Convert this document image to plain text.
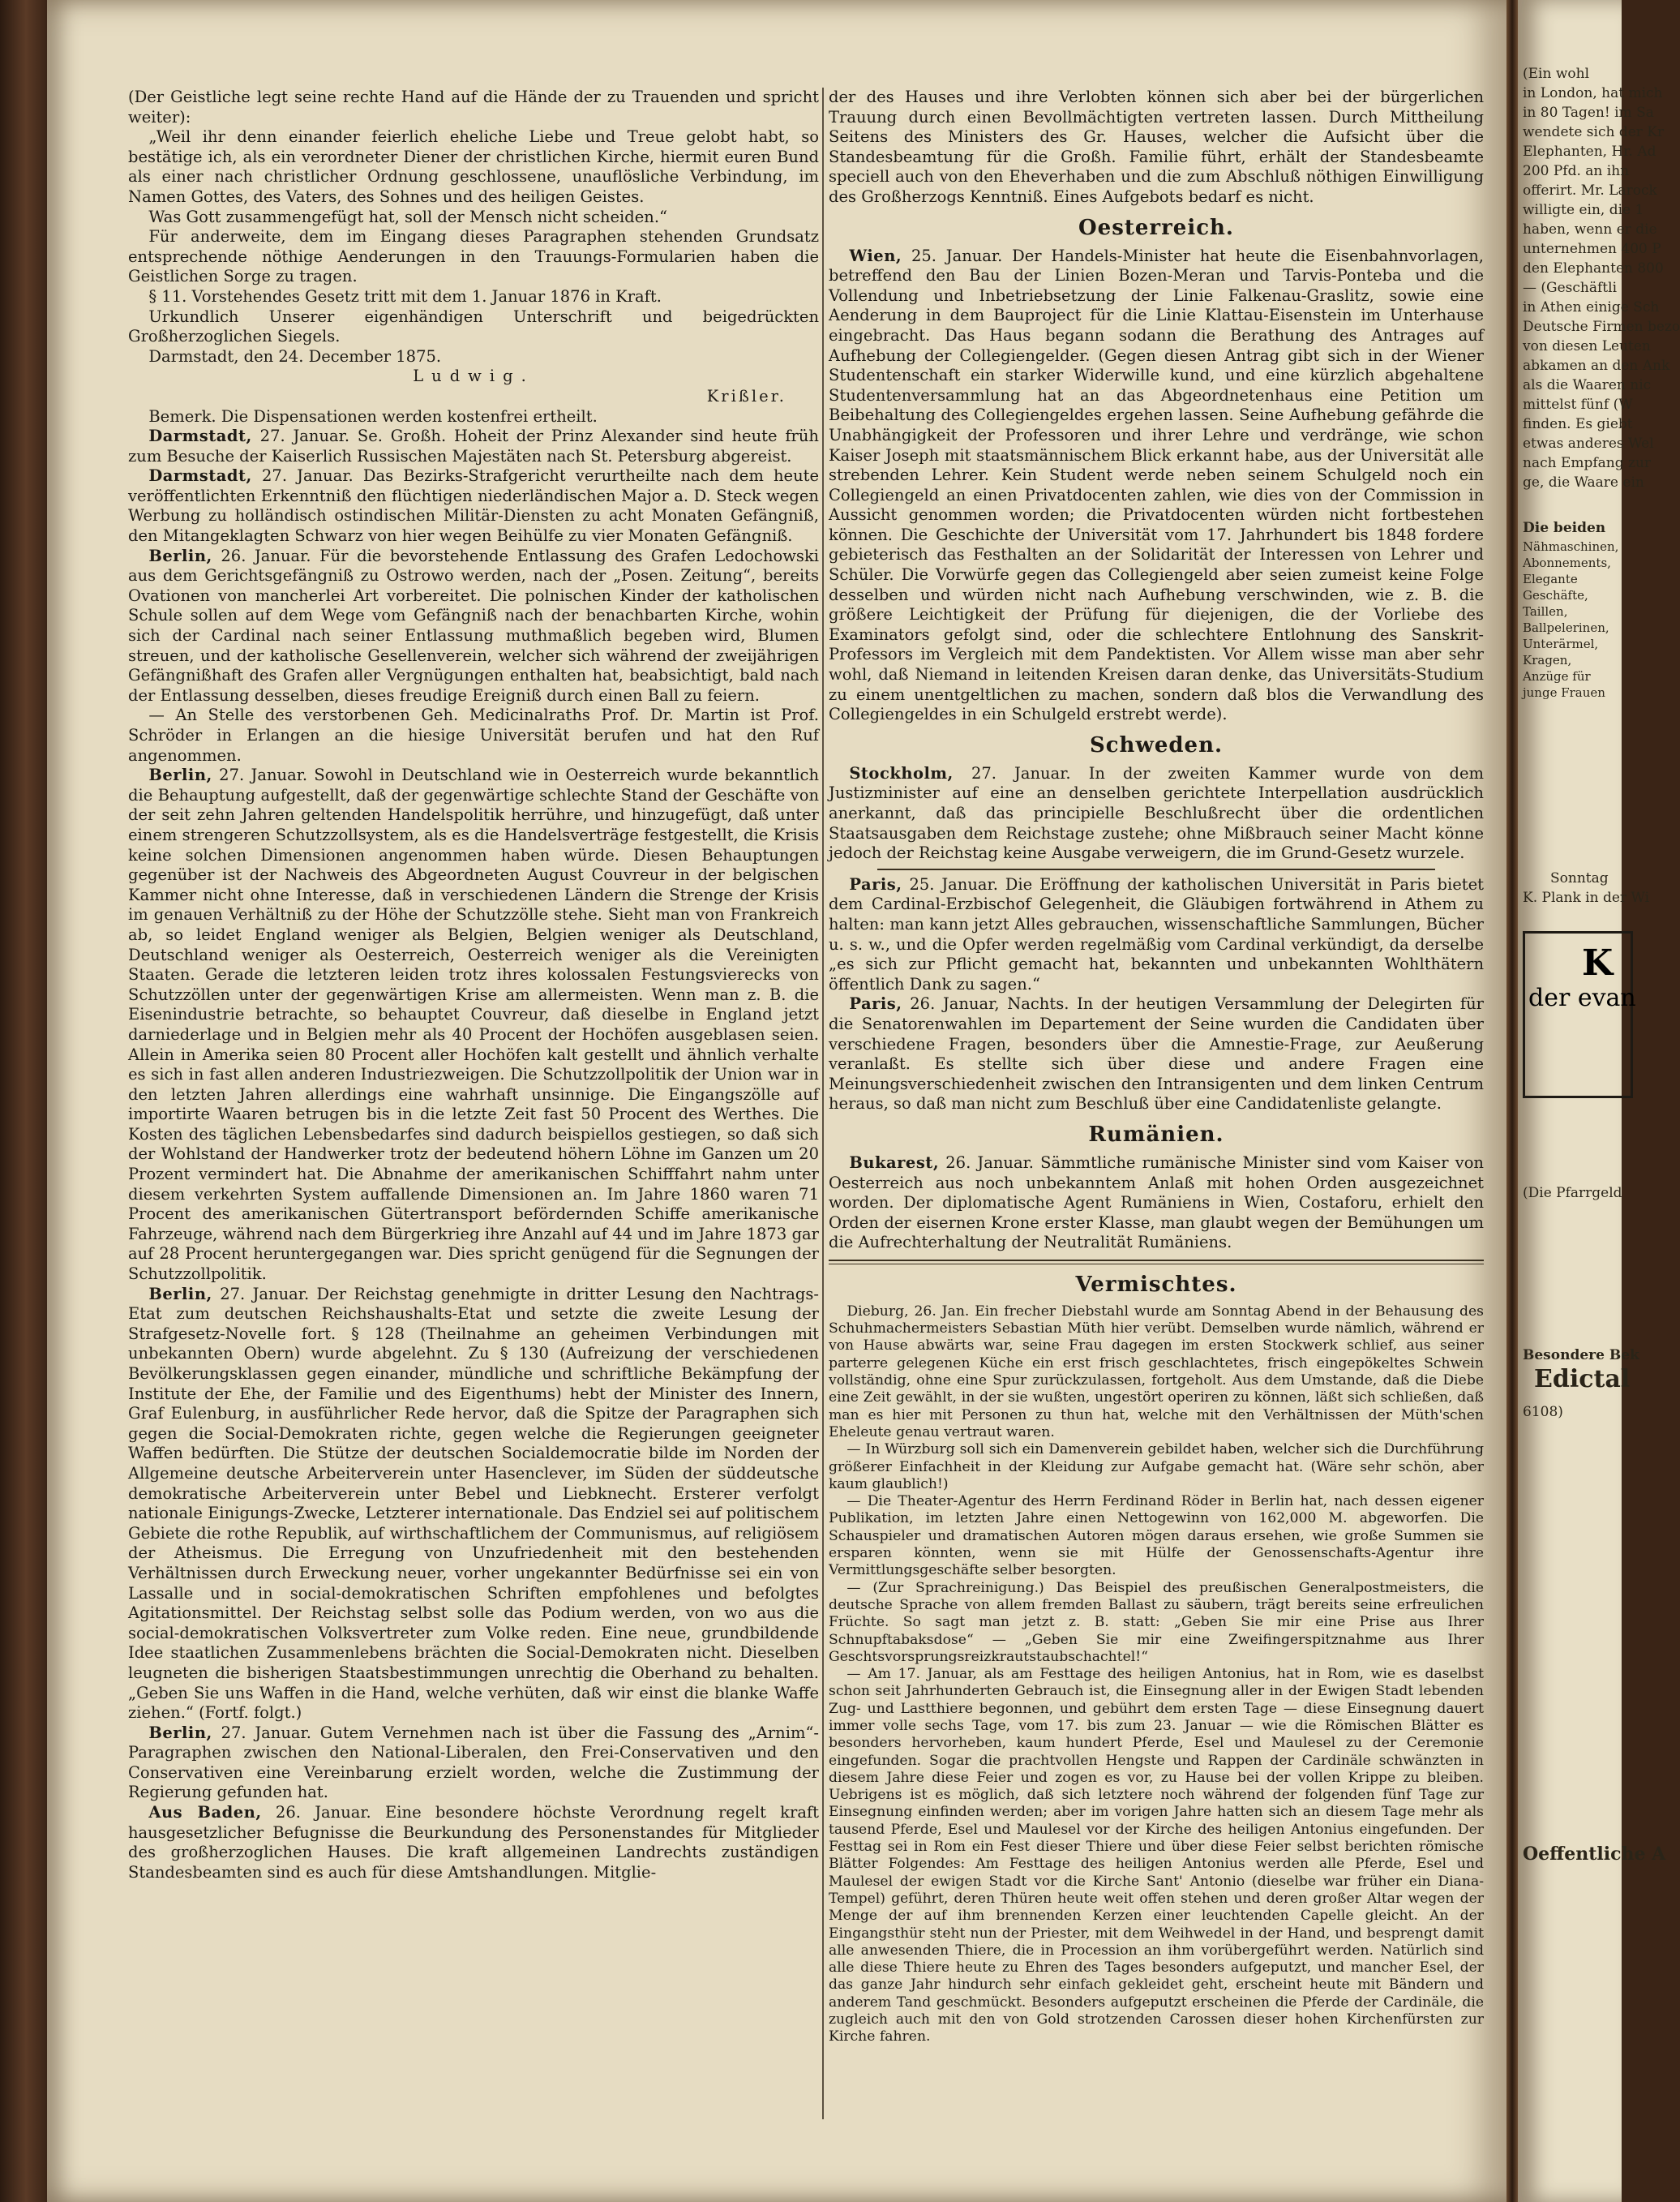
(Der Geistliche legt seine rechte Hand auf die Hände der zu Trauenden und spricht weiter):

„Weil ihr denn einander feierlich eheliche Liebe und Treue gelobt habt, so bestätige ich, als ein verordneter Diener der christlichen Kirche, hiermit euren Bund als einer nach christlicher Ordnung geschlossene, unauflösliche Verbindung, im Namen Gottes, des Vaters, des Sohnes und des heiligen Geistes.

Was Gott zusammengefügt hat, soll der Mensch nicht scheiden.“

Für anderweite, dem im Eingang dieses Paragraphen stehenden Grundsatz entsprechende nöthige Aenderungen in den Trauungs-Formularien haben die Geistlichen Sorge zu tragen.

§ 11. Vorstehendes Gesetz tritt mit dem 1. Januar 1876 in Kraft.

Urkundlich Unserer eigenhändigen Unterschrift und beigedrückten Großherzoglichen Siegels.

Darmstadt, den 24. December 1875.

Ludwig.

Krißler.

Bemerk. Die Dispensationen werden kostenfrei ertheilt.

Darmstadt, 27. Januar. Se. Großh. Hoheit der Prinz Alexander sind heute früh zum Besuche der Kaiserlich Russischen Majestäten nach St. Petersburg abgereist.

Darmstadt, 27. Januar. Das Bezirks-Strafgericht verurtheilte nach dem heute veröffentlichten Erkenntniß den flüchtigen niederländischen Major a. D. Steck wegen Werbung zu holländisch ostindischen Militär-Diensten zu acht Monaten Gefängniß, den Mitangeklagten Schwarz von hier wegen Beihülfe zu vier Monaten Gefängniß.

Berlin, 26. Januar. Für die bevorstehende Entlassung des Grafen Ledochowski aus dem Gerichtsgefängniß zu Ostrowo werden, nach der „Posen. Zeitung“, bereits Ovationen von mancherlei Art vorbereitet. Die polnischen Kinder der katholischen Schule sollen auf dem Wege vom Gefängniß nach der benachbarten Kirche, wohin sich der Cardinal nach seiner Entlassung muthmaßlich begeben wird, Blumen streuen, und der katholische Gesellenverein, welcher sich während der zweijährigen Gefängnißhaft des Grafen aller Vergnügungen enthalten hat, beabsichtigt, bald nach der Entlassung desselben, dieses freudige Ereigniß durch einen Ball zu feiern.

— An Stelle des verstorbenen Geh. Medicinalraths Prof. Dr. Martin ist Prof. Schröder in Erlangen an die hiesige Universität berufen und hat den Ruf angenommen.

Berlin, 27. Januar. Sowohl in Deutschland wie in Oesterreich wurde bekanntlich die Behauptung aufgestellt, daß der gegenwärtige schlechte Stand der Geschäfte von der seit zehn Jahren geltenden Handelspolitik herrühre, und hinzugefügt, daß unter einem strengeren Schutzzollsystem, als es die Handelsverträge festgestellt, die Krisis keine solchen Dimensionen angenommen haben würde. Diesen Behauptungen gegenüber ist der Nachweis des Abgeordneten August Couvreur in der belgischen Kammer nicht ohne Interesse, daß in verschiedenen Ländern die Strenge der Krisis im genauen Verhältniß zu der Höhe der Schutzzölle stehe. Sieht man von Frankreich ab, so leidet England weniger als Belgien, Belgien weniger als Deutschland, Deutschland weniger als Oesterreich, Oesterreich weniger als die Vereinigten Staaten. Gerade die letzteren leiden trotz ihres kolossalen Festungsvierecks von Schutzzöllen unter der gegenwärtigen Krise am allermeisten. Wenn man z. B. die Eisenindustrie betrachte, so behauptet Couvreur, daß dieselbe in England jetzt darniederlage und in Belgien mehr als 40 Procent der Hochöfen ausgeblasen seien. Allein in Amerika seien 80 Procent aller Hochöfen kalt gestellt und ähnlich verhalte es sich in fast allen anderen Industriezweigen. Die Schutzzollpolitik der Union war in den letzten Jahren allerdings eine wahrhaft unsinnige. Die Eingangszölle auf importirte Waaren betrugen bis in die letzte Zeit fast 50 Procent des Werthes. Die Kosten des täglichen Lebensbedarfes sind dadurch beispiellos gestiegen, so daß sich der Wohlstand der Handwerker trotz der bedeutend höhern Löhne im Ganzen um 20 Prozent vermindert hat. Die Abnahme der amerikanischen Schifffahrt nahm unter diesem verkehrten System auffallende Dimensionen an. Im Jahre 1860 waren 71 Procent des amerikanischen Gütertransport befördernden Schiffe amerikanische Fahrzeuge, während nach dem Bürgerkrieg ihre Anzahl auf 44 und im Jahre 1873 gar auf 28 Procent heruntergegangen war. Dies spricht genügend für die Segnungen der Schutzzollpolitik.

Berlin, 27. Januar. Der Reichstag genehmigte in dritter Lesung den Nachtrags-Etat zum deutschen Reichshaushalts-Etat und setzte die zweite Lesung der Strafgesetz-Novelle fort. § 128 (Theilnahme an geheimen Verbindungen mit unbekannten Obern) wurde abgelehnt. Zu § 130 (Aufreizung der verschiedenen Bevölkerungsklassen gegen einander, mündliche und schriftliche Bekämpfung der Institute der Ehe, der Familie und des Eigenthums) hebt der Minister des Innern, Graf Eulenburg, in ausführlicher Rede hervor, daß die Spitze der Paragraphen sich gegen die Social-Demokraten richte, gegen welche die Regierungen geeigneter Waffen bedürften. Die Stütze der deutschen Socialdemocratie bilde im Norden der Allgemeine deutsche Arbeiterverein unter Hasenclever, im Süden der süddeutsche demokratische Arbeiterverein unter Bebel und Liebknecht. Ersterer verfolgt nationale Einigungs-Zwecke, Letzterer internationale. Das Endziel sei auf politischem Gebiete die rothe Republik, auf wirthschaftlichem der Communismus, auf religiösem der Atheismus. Die Erregung von Unzufriedenheit mit den bestehenden Verhältnissen durch Erweckung neuer, vorher ungekannter Bedürfnisse sei ein von Lassalle und in social-demokratischen Schriften empfohlenes und befolgtes Agitationsmittel. Der Reichstag selbst solle das Podium werden, von wo aus die social-demokratischen Volksvertreter zum Volke reden. Eine neue, grundbildende Idee staatlichen Zusammenlebens brächten die Social-Demokraten nicht. Dieselben leugneten die bisherigen Staatsbestimmungen unrechtig die Oberhand zu behalten. „Geben Sie uns Waffen in die Hand, welche verhüten, daß wir einst die blanke Waffe ziehen.“ (Fortf. folgt.)

Berlin, 27. Januar. Gutem Vernehmen nach ist über die Fassung des „Arnim“-Paragraphen zwischen den National-Liberalen, den Frei-Conservativen und den Conservativen eine Vereinbarung erzielt worden, welche die Zustimmung der Regierung gefunden hat.

Aus Baden, 26. Januar. Eine besondere höchste Verordnung regelt kraft hausgesetzlicher Befugnisse die Beurkundung des Personenstandes für Mitglieder des großherzoglichen Hauses. Die kraft allgemeinen Landrechts zuständigen Standesbeamten sind es auch für diese Amtshandlungen. Mitglie-

der des Hauses und ihre Verlobten können sich aber bei der bürgerlichen Trauung durch einen Bevollmächtigten vertreten lassen. Durch Mittheilung Seitens des Ministers des Gr. Hauses, welcher die Aufsicht über die Standesbeamtung für die Großh. Familie führt, erhält der Standesbeamte speciell auch von den Eheverhaben und die zum Abschluß nöthigen Einwilligung des Großherzogs Kenntniß. Eines Aufgebots bedarf es nicht.

Oesterreich.

Wien, 25. Januar. Der Handels-Minister hat heute die Eisenbahnvorlagen, betreffend den Bau der Linien Bozen-Meran und Tarvis-Ponteba und die Vollendung und Inbetriebsetzung der Linie Falkenau-Graslitz, sowie eine Aenderung in dem Bauproject für die Linie Klattau-Eisenstein im Unterhause eingebracht. Das Haus begann sodann die Berathung des Antrages auf Aufhebung der Collegiengelder. (Gegen diesen Antrag gibt sich in der Wiener Studentenschaft ein starker Widerwille kund, und eine kürzlich abgehaltene Studentenversammlung hat an das Abgeordnetenhaus eine Petition um Beibehaltung des Collegiengeldes ergehen lassen. Seine Aufhebung gefährde die Unabhängigkeit der Professoren und ihrer Lehre und verdränge, wie schon Kaiser Joseph mit staatsmännischem Blick erkannt habe, aus der Universität alle strebenden Lehrer. Kein Student werde neben seinem Schulgeld noch ein Collegiengeld an einen Privatdocenten zahlen, wie dies von der Commission in Aussicht genommen worden; die Privatdocenten würden nicht fortbestehen können. Die Geschichte der Universität vom 17. Jahrhundert bis 1848 fordere gebieterisch das Festhalten an der Solidarität der Interessen von Lehrer und Schüler. Die Vorwürfe gegen das Collegiengeld aber seien zumeist keine Folge desselben und würden nicht nach Aufhebung verschwinden, wie z. B. die größere Leichtigkeit der Prüfung für diejenigen, die der Vorliebe des Examinators gefolgt sind, oder die schlechtere Entlohnung des Sanskrit-Professors im Vergleich mit dem Pandektisten. Vor Allem wisse man aber sehr wohl, daß Niemand in leitenden Kreisen daran denke, das Universitäts-Studium zu einem unentgeltlichen zu machen, sondern daß blos die Verwandlung des Collegiengeldes in ein Schulgeld erstrebt werde).

Schweden.

Stockholm, 27. Januar. In der zweiten Kammer wurde von dem Justizminister auf eine an denselben gerichtete Interpellation ausdrücklich anerkannt, daß das principielle Beschlußrecht über die ordentlichen Staatsausgaben dem Reichstage zustehe; ohne Mißbrauch seiner Macht könne jedoch der Reichstag keine Ausgabe verweigern, die im Grund-Gesetz wurzele.

Paris, 25. Januar. Die Eröffnung der katholischen Universität in Paris bietet dem Cardinal-Erzbischof Gelegenheit, die Gläubigen fortwährend in Athem zu halten: man kann jetzt Alles gebrauchen, wissenschaftliche Sammlungen, Bücher u. s. w., und die Opfer werden regelmäßig vom Cardinal verkündigt, da derselbe „es sich zur Pflicht gemacht hat, bekannten und unbekannten Wohlthätern öffentlich Dank zu sagen.“

Paris, 26. Januar, Nachts. In der heutigen Versammlung der Delegirten für die Senatorenwahlen im Departement der Seine wurden die Candidaten über verschiedene Fragen, besonders über die Amnestie-Frage, zur Aeußerung veranlaßt. Es stellte sich über diese und andere Fragen eine Meinungsverschiedenheit zwischen den Intransigenten und dem linken Centrum heraus, so daß man nicht zum Beschluß über eine Candidatenliste gelangte.

Rumänien.

Bukarest, 26. Januar. Sämmtliche rumänische Minister sind vom Kaiser von Oesterreich aus noch unbekanntem Anlaß mit hohen Orden ausgezeichnet worden. Der diplomatische Agent Rumäniens in Wien, Costaforu, erhielt den Orden der eisernen Krone erster Klasse, man glaubt wegen der Bemühungen um die Aufrechterhaltung der Neutralität Rumäniens.

Vermischtes.

Dieburg, 26. Jan. Ein frecher Diebstahl wurde am Sonntag Abend in der Behausung des Schuhmachermeisters Sebastian Müth hier verübt. Demselben wurde nämlich, während er von Hause abwärts war, seine Frau dagegen im ersten Stockwerk schlief, aus seiner parterre gelegenen Küche ein erst frisch geschlachtetes, frisch eingepökeltes Schwein vollständig, ohne eine Spur zurückzulassen, fortgeholt. Aus dem Umstande, daß die Diebe eine Zeit gewählt, in der sie wußten, ungestört operiren zu können, läßt sich schließen, daß man es hier mit Personen zu thun hat, welche mit den Verhältnissen der Müth'schen Eheleute genau vertraut waren.

— In Würzburg soll sich ein Damenverein gebildet haben, welcher sich die Durchführung größerer Einfachheit in der Kleidung zur Aufgabe gemacht hat. (Wäre sehr schön, aber kaum glaublich!)

— Die Theater-Agentur des Herrn Ferdinand Röder in Berlin hat, nach dessen eigener Publikation, im letzten Jahre einen Nettogewinn von 162,000 M. abgeworfen. Die Schauspieler und dramatischen Autoren mögen daraus ersehen, wie große Summen sie ersparen könnten, wenn sie mit Hülfe der Genossenschafts-Agentur ihre Vermittlungsgeschäfte selber besorgten.

— (Zur Sprachreinigung.) Das Beispiel des preußischen Generalpostmeisters, die deutsche Sprache von allem fremden Ballast zu säubern, trägt bereits seine erfreulichen Früchte. So sagt man jetzt z. B. statt: „Geben Sie mir eine Prise aus Ihrer Schnupftabaksdose“ — „Geben Sie mir eine Zweifingerspitznahme aus Ihrer Geschtsvorsprungsreizkrautstaubschachtel!“

— Am 17. Januar, als am Festtage des heiligen Antonius, hat in Rom, wie es daselbst schon seit Jahrhunderten Gebrauch ist, die Einsegnung aller in der Ewigen Stadt lebenden Zug- und Lastthiere begonnen, und gebührt dem ersten Tage — diese Einsegnung dauert immer volle sechs Tage, vom 17. bis zum 23. Januar — wie die Römischen Blätter es besonders hervorheben, kaum hundert Pferde, Esel und Maulesel zu der Ceremonie eingefunden. Sogar die prachtvollen Hengste und Rappen der Cardinäle schwänzten in diesem Jahre diese Feier und zogen es vor, zu Hause bei der vollen Krippe zu bleiben. Uebrigens ist es möglich, daß sich letztere noch während der folgenden fünf Tage zur Einsegnung einfinden werden; aber im vorigen Jahre hatten sich an diesem Tage mehr als tausend Pferde, Esel und Maulesel vor der Kirche des heiligen Antonius eingefunden. Der Festtag sei in Rom ein Fest dieser Thiere und über diese Feier selbst berichten römische Blätter Folgendes: Am Festtage des heiligen Antonius werden alle Pferde, Esel und Maulesel der ewigen Stadt vor die Kirche Sant' Antonio (dieselbe war früher ein Diana-Tempel) geführt, deren Thüren heute weit offen stehen und deren großer Altar wegen der Menge der auf ihm brennenden Kerzen einer leuchtenden Capelle gleicht. An der Eingangsthür steht nun der Priester, mit dem Weihwedel in der Hand, und besprengt damit alle anwesenden Thiere, die in Procession an ihm vorübergeführt werden. Natürlich sind alle diese Thiere heute zu Ehren des Tages besonders aufgeputzt, und mancher Esel, der das ganze Jahr hindurch sehr einfach gekleidet geht, erscheint heute mit Bändern und anderem Tand geschmückt. Besonders aufgeputzt erscheinen die Pferde der Cardinäle, die zugleich auch mit den von Gold strotzenden Carossen dieser hohen Kirchenfürsten zur Kirche fahren.

(Ein wohl
in London, hat mich
in 80 Tagen! im Sa
wendete sich der Kr
Elephanten, Hr. Ad
200 Pfd. an ihn
offerirt. Mr. Larock
willigte ein, die 1
haben, wenn er die
unternehmen 400 P
den Elephanten 800
— (Geschäftli
in Athen einige Sch
Deutsche Firmen bezo
von diesen Leuten
abkamen an den Ank
als die Waaren nic
mittelst fünf (W
finden. Es giebt
etwas anderes Wel
nach Empfang zur
ge, die Waare ein
Die beiden
Nähmaschinen, Abonnements, Elegante Geschäfte, Taillen, Ballpelerinen, Unterärmel, Kragen, Anzüge für junge Frauen
Sonntag
K. Plank in der Wi
K
der evan
(Die Pfarrgeld
Besondere Bek
Edictal
6108)
Oeffentliche A
